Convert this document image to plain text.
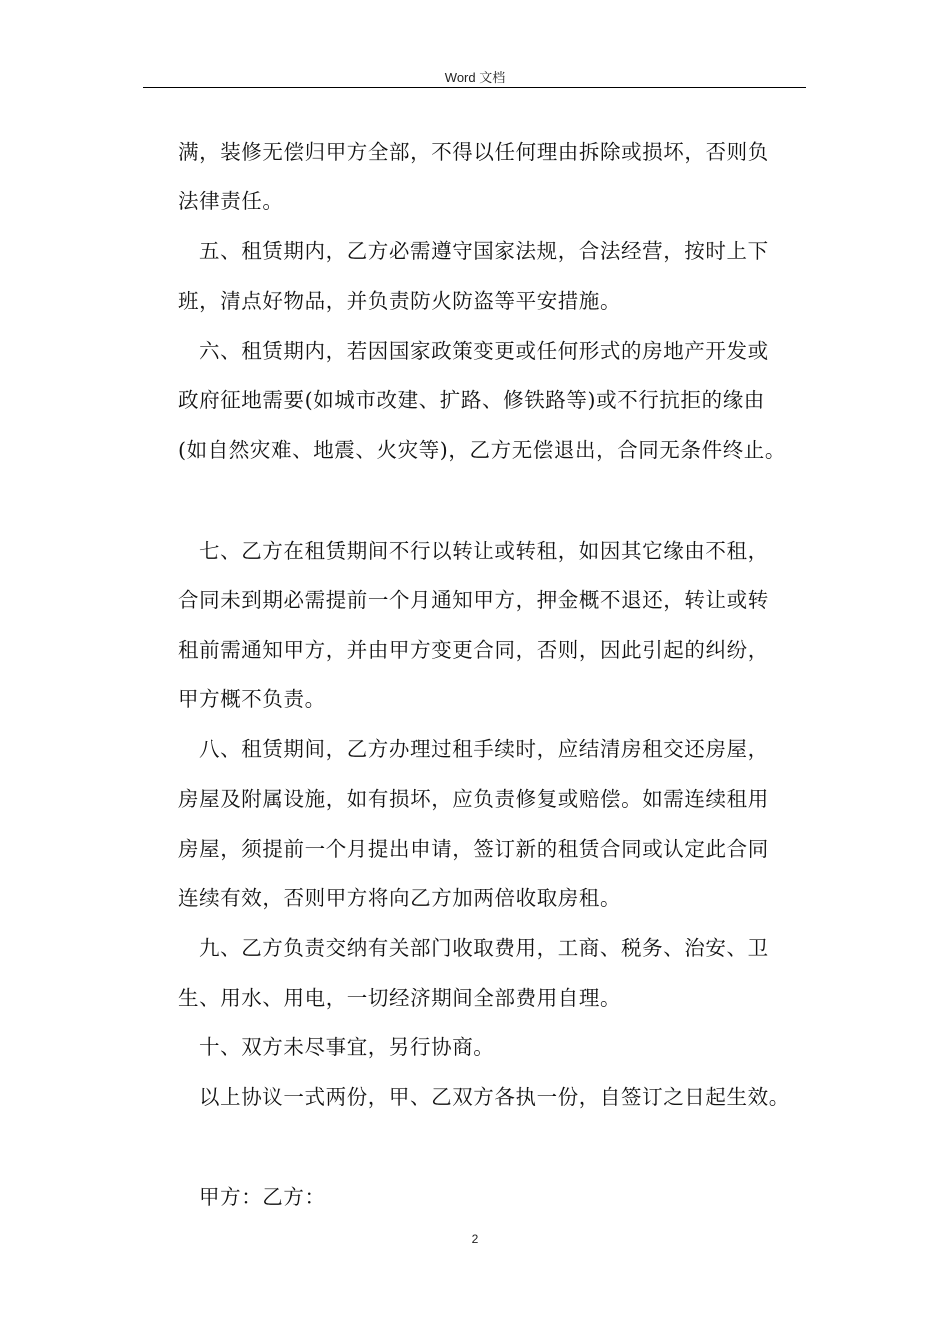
Word 文档
满，装修无偿归甲方全部，不得以任何理由拆除或损坏，否则负
法律责任。
五、租赁期内，乙方必需遵守国家法规，合法经营，按时上下
班，清点好物品，并负责防火防盗等平安措施。
六、租赁期内，若因国家政策变更或任何形式的房地产开发或
政府征地需要(如城市改建、扩路、修铁路等)或不行抗拒的缘由
(如自然灾难、地震、火灾等)，乙方无偿退出，合同无条件终止。
七、乙方在租赁期间不行以转让或转租，如因其它缘由不租，
合同未到期必需提前一个月通知甲方，押金概不退还，转让或转
租前需通知甲方，并由甲方变更合同，否则，因此引起的纠纷，
甲方概不负责。
八、租赁期间，乙方办理过租手续时，应结清房租交还房屋，
房屋及附属设施，如有损坏，应负责修复或赔偿。如需连续租用
房屋，须提前一个月提出申请，签订新的租赁合同或认定此合同
连续有效，否则甲方将向乙方加两倍收取房租。
九、乙方负责交纳有关部门收取费用，工商、税务、治安、卫
生、用水、用电，一切经济期间全部费用自理。
十、双方未尽事宜，另行协商。
以上协议一式两份，甲、乙双方各执一份，自签订之日起生效。
甲方：乙方：
2
